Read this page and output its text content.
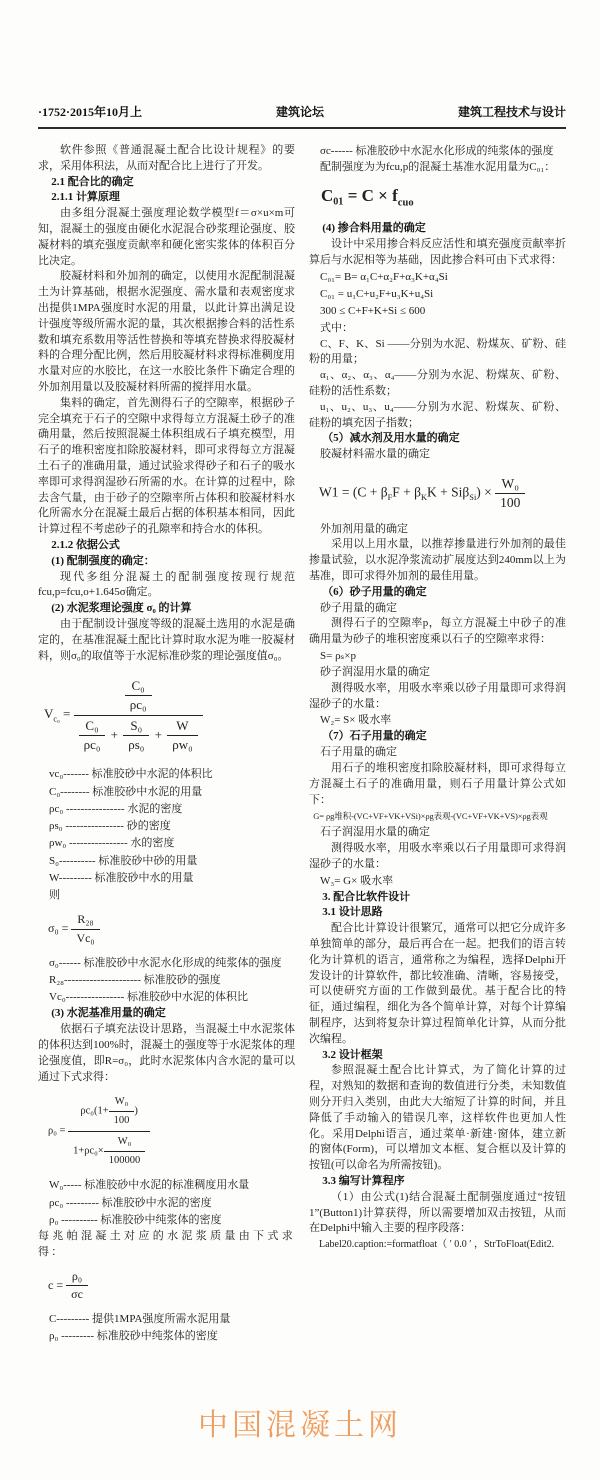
·1752·2015年10月上	建筑论坛	建筑工程技术与设计

软件参照《普通混凝土配合比设计规程》的要求，采用体积法，从而对配合比上进行了开发。

2.1 配合比的确定

2.1.1 计算原理

由多组分混凝土强度理论数学模型f＝σ×u×m可知，混凝土的强度由硬化水泥混合砂浆理论强度、胶凝材料的填充强度贡献率和硬化密实浆体的体积百分比决定。

胶凝材料和外加剂的确定，以使用水泥配制混凝土为计算基础，根据水泥强度、需水量和表观密度求出提供1MPA强度时水泥的用量，以此计算出满足设计强度等级所需水泥的量，其次根据掺合料的活性系数和填充系数用等活性替换和等填充替换求得胶凝材料的合理分配比例，然后用胶凝材料求得标准稠度用水量对应的水胶比，在这一水胶比条件下确定合理的外加剂用量以及胶凝材料所需的搅拌用水量。

集料的确定，首先测得石子的空隙率，根据砂子完全填充于石子的空隙中求得每立方混凝土砂子的准确用量，然后按照混凝土体积组成石子填充模型，用石子的堆积密度扣除胶凝材料，即可求得每立方混凝土石子的准确用量，通过试验求得砂子和石子的吸水率即可求得润湿砂石所需的水。在计算的过程中，除去含气量，由于砂子的空隙率所占体积和胶凝材料水化所需水分在混凝土最后占据的体积基本相同，因此计算过程不考虑砂子的孔隙率和持合水的体积。

2.1.2 依据公式

(1) 配制强度的确定：

现代多组分混凝土的配制强度按现行规范fcu,p=fcu,o+1.645σ确定。

(2) 水泥浆理论强度 σ₀ 的计算

由于配制设计强度等级的混凝土选用的水泥是确定的，在基准混凝土配比计算时取水泥为唯一胶凝材料，则σ₀的取值等于水泥标准砂浆的理论强度值σ₀。

$V_{c_0}$ =	$\frac{\text{C₀}}{\text{ρc₀}}$
$\frac{\text{C₀}}{\text{ρc₀}} + \frac{\text{S₀}}{\text{ρs₀}} + \frac{W}{\text{ρw₀}}$

vc₀------- 标准胶砂中水泥的体积比

C₀-------- 标准胶砂中水泥的用量

ρc₀ ---------------- 水泥的密度

ρs₀ ---------------- 砂的密度

ρw₀ ---------------- 水的密度

S₀---------- 标准胶砂中砂的用量

W--------- 标准胶砂中水的用量

则

$\sigma_0 = \frac{\text{R₂₈}}{\text{Vc₀}}$

σ₀------ 标准胶砂中水泥水化形成的纯浆体的强度

R₂₈--------------------- 标准胶砂的强度

Vc₀---------------- 标准胶砂中水泥的体积比

(3) 水泥基准用量的确定

依据石子填充法设计思路，当混凝土中水泥浆体的体积达到100%时，混凝土的强度等于水泥浆体的理论强度值，即R=σ₀，此时水泥浆体内含水泥的量可以通过下式求得：

$\rho_0 = \frac{\rho c_0(1+ \frac{\text{W₀}}{100} )}{1+\rho c_0\times \frac{\text{W₀}}{100000}}$

W₀----- 标准胶砂中水泥的标准稠度用水量

ρc₀ --------- 标准胶砂中水泥的密度

ρ₀ ---------- 标准胶砂中纯浆体的密度

每兆帕混凝土对应的水泥浆质量由下式求得：

$c = \frac{\text{ρ₀}}{\sigma c}$

C--------- 提供1MPA强度所需水泥用量

ρ₀ --------- 标准胶砂中纯浆体的密度

σc------ 标准胶砂中水泥水化形成的纯浆体的强度

配制强度为为fcu,p的混凝土基准水泥用量为C₀₁：

$C_{01} = C \times f_{cuo}$

(4) 掺合料用量的确定

设计中采用掺合料反应活性和填充强度贡献率折算后与水泥相等为基础，因此掺合料可由下式求得：

C₀₁= B= α₁C+α₂F+α₃K+α₄Si

C₀₁ = u₁C+u₂F+u₃K+u₄Si

300 ≤ C+F+K+Si ≤ 600

式中：

C、F、K、Si ——分别为水泥、粉煤灰、矿粉、硅粉的用量；

α₁、α₂、α₃、α₄——分别为水泥、粉煤灰、矿粉、硅粉的活性系数；

u₁、u₂、u₃、u₄——分别为水泥、粉煤灰、矿粉、硅粉的填充因子指数；

（5）减水剂及用水量的确定

胶凝材料需水量的确定

$W1 = (C + \beta_FF + \beta_KK + Si\beta_{Si}) \times \frac{\text{W₀}}{100}$

外加剂用量的确定

采用以上用水量，以推荐掺量进行外加剂的最佳掺量试验，以水泥净浆流动扩展度达到240mm以上为基准，即可求得外加剂的最佳用量。

（6）砂子用量的确定

砂子用量的确定

测得石子的空隙率p，每立方混凝土中砂子的准确用量为砂子的堆积密度乘以石子的空隙率求得：

S= ρₛ×p

砂子润湿用水量的确定

测得吸水率，用吸水率乘以砂子用量即可求得润湿砂子的水量：

W₂= S× 吸水率

（7）石子用量的确定

石子用量的确定

用石子的堆积密度扣除胶凝材料，即可求得每立方混凝土石子的准确用量，则石子用量计算公式如下：

G= ρg堆积-(VC+VF+VK+VSi)×ρg表观-(VC+VF+VK+VS)×ρg表观

石子润湿用水量的确定

测得吸水率，用吸水率乘以石子用量即可求得润湿砂子的水量：

W₃= G× 吸水率

3. 配合比软件设计

3.1 设计思路

配合比计算设计很繁冗，通常可以把它分成许多单独简单的部分，最后再合在一起。把我们的语言转化为计算机的语言，通常称之为编程，选择Delphi开发设计的计算软件，都比较准确、清晰，容易接受，可以使研究方面的工作做到最优。基于配合比的特征，通过编程，细化为各个简单计算，对每个计算编制程序，达到将复杂计算过程简单化计算，从而分批次编程。

3.2 设计框架

参照混凝土配合比计算式，为了简化计算的过程，对熟知的数据和查询的数值进行分类，未知数值则分开归入类别，由此大大缩短了计算的时间，并且降低了手动输入的错误几率，这样软件也更加人性化。采用Delphi语言，通过菜单·新建·窗体，建立新的窗体(Form)，可以增加文本框、复合框以及计算的按钮(可以命名为所需按钮)。

3.3 编写计算程序

（1）由公式(1)结合混凝土配制强度通过“按钮1”(Button1)计算获得，所以需要增加双击按钮，从而在Delphi中输入主要的程序段落：

Label20.caption:=formatfloat（ ′ 0.0 ′ ，StrToFloat(Edit2.

中国混凝土网
